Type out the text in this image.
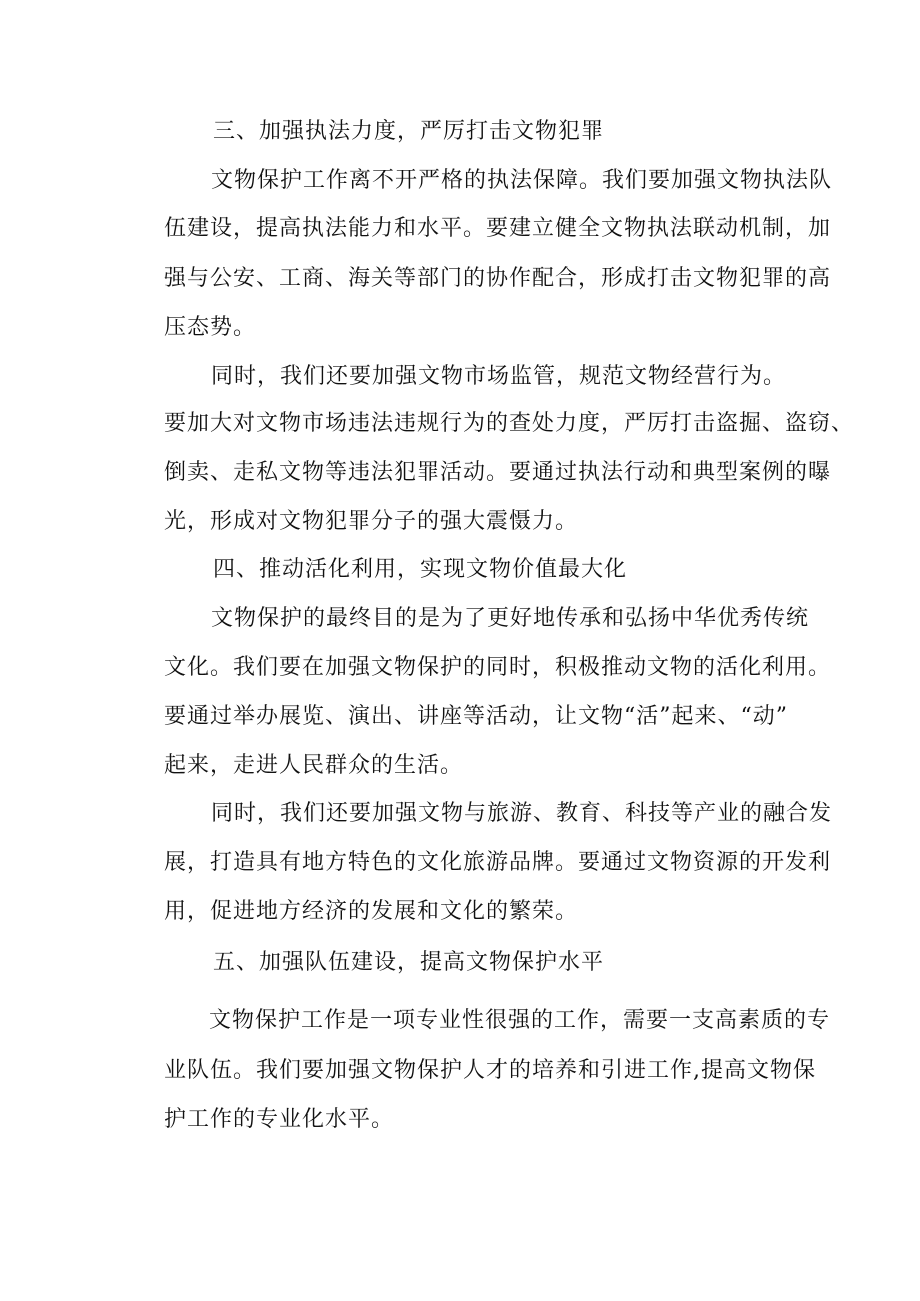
三、加强执法力度，严厉打击文物犯罪
文物保护工作离不开严格的执法保障。我们要加强文物执法队
伍建设，提高执法能力和水平。要建立健全文物执法联动机制，加
强与公安、工商、海关等部门的协作配合，形成打击文物犯罪的高
压态势。
同时，我们还要加强文物市场监管，规范文物经营行为。
要加大对文物市场违法违规行为的查处力度，严厉打击盗掘、盗窃、
倒卖、走私文物等违法犯罪活动。要通过执法行动和典型案例的曝
光，形成对文物犯罪分子的强大震慑力。
四、推动活化利用，实现文物价值最大化
文物保护的最终目的是为了更好地传承和弘扬中华优秀传统
文化。我们要在加强文物保护的同时，积极推动文物的活化利用。
要通过举办展览、演出、讲座等活动，让文物“活”起来、“动”
起来，走进人民群众的生活。
同时，我们还要加强文物与旅游、教育、科技等产业的融合发
展，打造具有地方特色的文化旅游品牌。要通过文物资源的开发利
用，促进地方经济的发展和文化的繁荣。
五、加强队伍建设，提高文物保护水平
文物保护工作是一项专业性很强的工作，需要一支高素质的专
业队伍。我们要加强文物保护人才的培养和引进工作,提高文物保
护工作的专业化水平。
